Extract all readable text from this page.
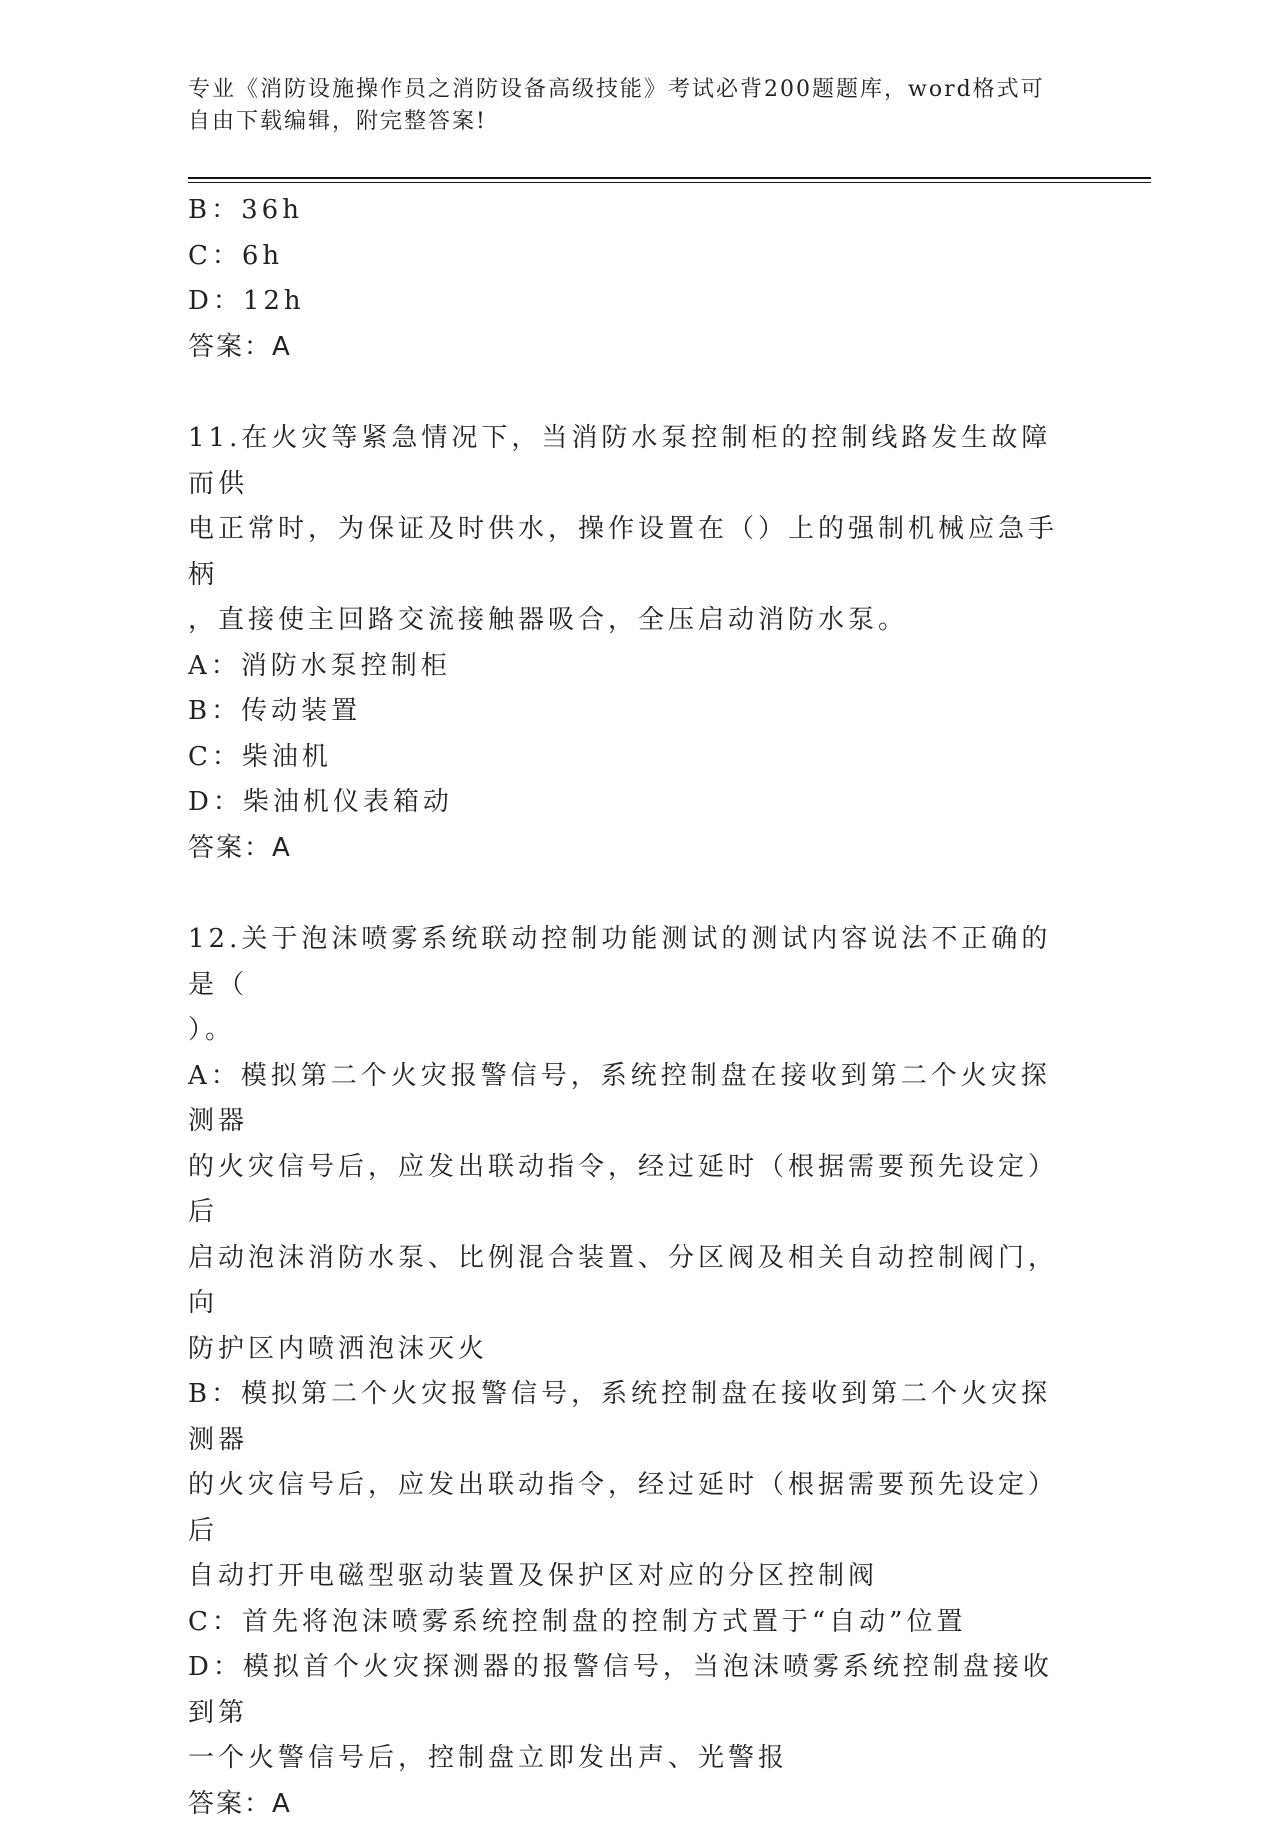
专业《消防设施操作员之消防设备高级技能》考试必背200题题库，word格式可
自由下载编辑，附完整答案!
B：36h
C：6h
D：12h
答案：A
11.在火灾等紧急情况下，当消防水泵控制柜的控制线路发生故障而供
电正常时，为保证及时供水，操作设置在（）上的强制机械应急手柄
，直接使主回路交流接触器吸合，全压启动消防水泵。
A：消防水泵控制柜
B：传动装置
C：柴油机
D：柴油机仪表箱动
答案：A
12.关于泡沫喷雾系统联动控制功能测试的测试内容说法不正确的是（
）。
A：模拟第二个火灾报警信号，系统控制盘在接收到第二个火灾探测器
的火灾信号后，应发出联动指令，经过延时（根据需要预先设定）后
启动泡沫消防水泵、比例混合装置、分区阀及相关自动控制阀门，向
防护区内喷洒泡沫灭火
B：模拟第二个火灾报警信号，系统控制盘在接收到第二个火灾探测器
的火灾信号后，应发出联动指令，经过延时（根据需要预先设定）后
自动打开电磁型驱动装置及保护区对应的分区控制阀
C：首先将泡沫喷雾系统控制盘的控制方式置于“自动”位置
D：模拟首个火灾探测器的报警信号，当泡沫喷雾系统控制盘接收到第
一个火警信号后，控制盘立即发出声、光警报
答案：A
